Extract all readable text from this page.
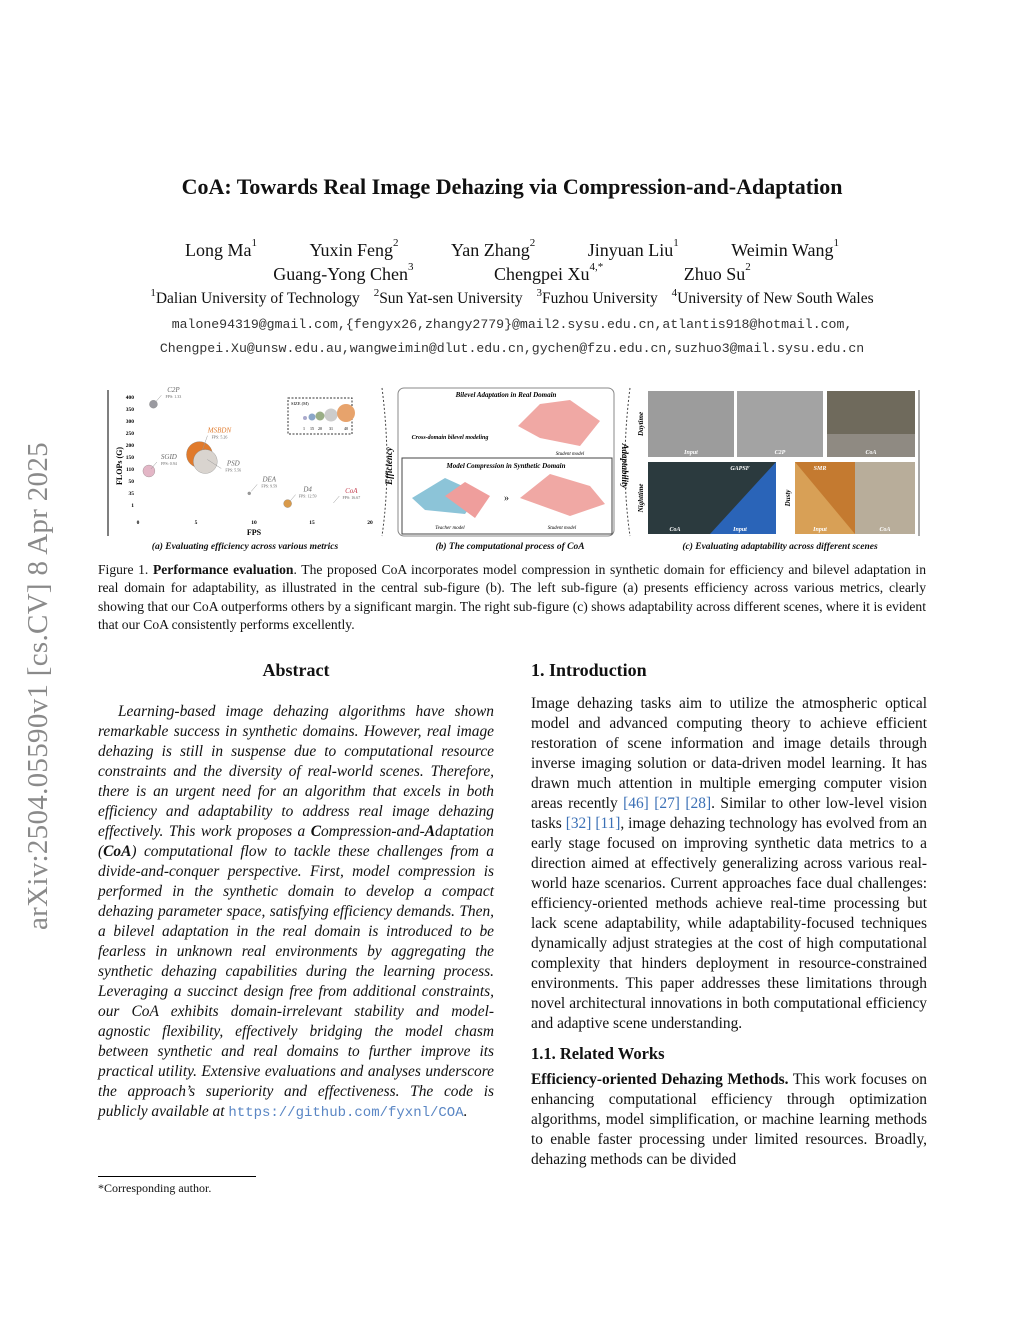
arXiv:2504.05590v1 [cs.CV] 8 Apr 2025
CoA: Towards Real Image Dehazing via Compression-and-Adaptation
Long Ma$^1$	Yuxin Feng$^2$	Yan Zhang$^2$	Jinyuan Liu$^1$	Weimin Wang$^1$
Guang-Yong Chen$^3$	Chengpei $Xu^{4,*}$	Zhuo Su$^2$
$^1$Dalian University of Technology $^2$Sun Yat-sen University $^3$Fuzhou University $^4$University of New South Wales
malone94319@gmail.com,{fengyx26,zhangy2779}@mail2.sysu.edu.cn,atlantis918@hotmail.com,
Chengpei.Xu@unsw.edu.au,wangweimin@dlut.edu.cn,gychen@fzu.edu.cn,suzhuo3@mail.sysu.edu.cn
FLOPs (G)
FPS
400
350
300
250
200
150
110
50
35
1
0	5	10	15	20
C2P
FPS: 1.33
SGID
FPS: 0.94
MSBDN
FPS: 5.26
PSD
FPS: 5.56
DEA
FPS: 9.59	D4
FPS: 12.59
CoA
FPS: 16.67
SIZE (M)
1 15 20 31	40
Efficiency
Bilevel Adaptation in Real Domain
Cross-domain bilevel modeling
Student model
Model Compression in Synthetic Domain
»
Teacher model	Student model
Adaptability
Daytime
Nighttime	Dusty
Input	C2P	CoA
CoA	Input
GAPSF
Input	CoA
SMR
(a) Evaluating efficiency across various metrics	(b) The computational process of CoA	(c) Evaluating adaptability across different scenes
Figure 1. Performance evaluation. The proposed CoA incorporates model compression in synthetic domain for efficiency and bilevel adaptation in real domain for adaptability, as illustrated in the central sub-figure (b). The left sub-figure (a) presents efficiency across various metrics, clearly showing that our CoA outperforms others by a significant margin. The right sub-figure (c) shows adaptability across different scenes, where it is evident that our CoA consistently performs excellently.
Abstract

Learning-based image dehazing algorithms have shown remarkable success in synthetic domains. However, real image dehazing is still in suspense due to computational resource constraints and the diversity of real-world scenes. Therefore, there is an urgent need for an algorithm that excels in both efficiency and adaptability to address real image dehazing effectively. This work proposes a Compression-and-Adaptation (CoA) computational flow to tackle these challenges from a divide-and-conquer perspective. First, model compression is performed in the synthetic domain to develop a compact dehazing parameter space, satisfying efficiency demands. Then, a bilevel adaptation in the real domain is introduced to be fearless in unknown real environments by aggregating the synthetic dehazing capabilities during the learning process. Leveraging a succinct design free from additional constraints, our CoA exhibits domain-irrelevant stability and model-agnostic flexibility, effectively bridging the model chasm between synthetic and real domains to further improve its practical utility. Extensive evaluations and analyses underscore the approach’s superiority and effectiveness. The code is publicly available at https://github.com/fyxnl/COA.

*Corresponding author.
1. Introduction

Image dehazing tasks aim to utilize the atmospheric optical model and advanced computing theory to achieve efficient restoration of scene information and image details through inverse imaging solution or data-driven model learning. It has drawn much attention in multiple emerging computer vision areas recently [46] [27] [28]. Similar to other low-level vision tasks [32] [11], image dehazing technology has evolved from an early stage focused on improving synthetic data metrics to a direction aimed at effectively generalizing across various real-world haze scenarios. Current approaches face dual challenges: efficiency-oriented methods achieve real-time processing but lack scene adaptability, while adaptability-focused techniques dynamically adjust strategies at the cost of high computational complexity that hinders deployment in resource-constrained environments. This paper addresses these limitations through novel architectural innovations in both computational efficiency and adaptive scene understanding.

1.1. Related Works

Efficiency-oriented Dehazing Methods. This work focuses on enhancing computational efficiency through optimization algorithms, model simplification, or machine learning methods to enable faster processing under limited resources. Broadly, dehazing methods can be divided
